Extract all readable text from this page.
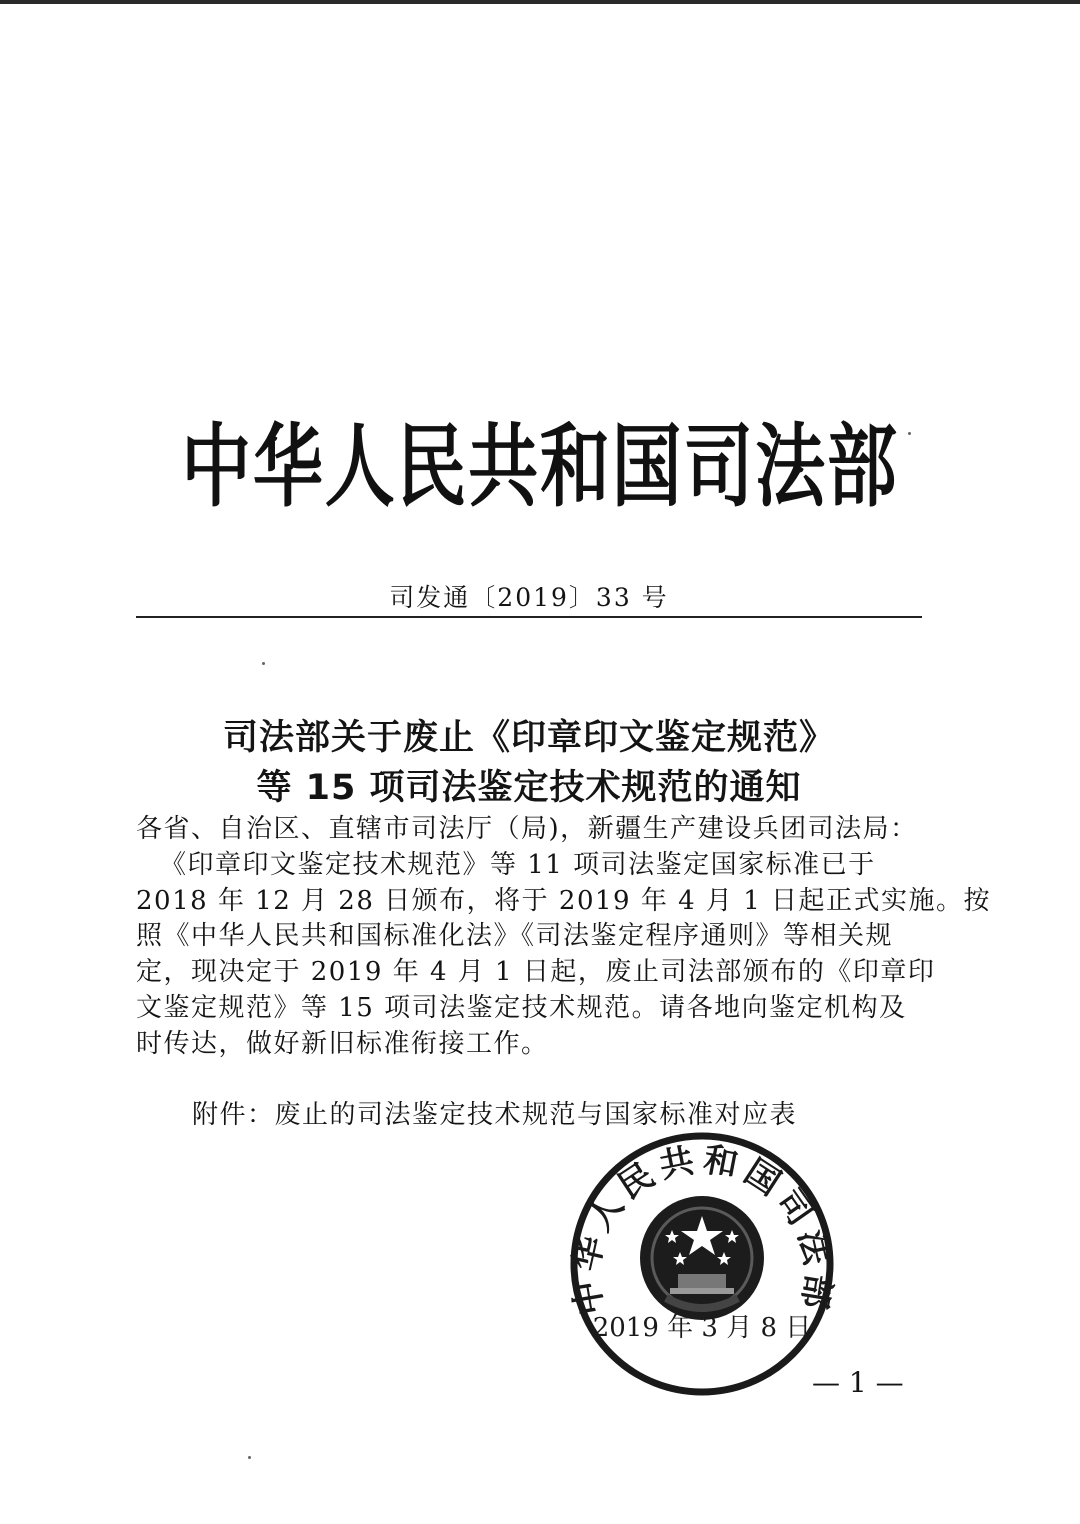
中华人民共和国司法部
司发通〔2019〕33 号
司法部关于废止《印章印文鉴定规范》
等 15 项司法鉴定技术规范的通知
各省、自治区、直辖市司法厅（局)，新疆生产建设兵团司法局：
《印章印文鉴定技术规范》等 11 项司法鉴定国家标准已于
2018 年 12 月 28 日颁布，将于 2019 年 4 月 1 日起正式实施。按
照《中华人民共和国标准化法》《司法鉴定程序通则》等相关规
定，现决定于 2019 年 4 月 1 日起，废止司法部颁布的《印章印
文鉴定规范》等 15 项司法鉴定技术规范。请各地向鉴定机构及
时传达，做好新旧标准衔接工作。
附件：废止的司法鉴定技术规范与国家标准对应表
中华人民共和国司法部
2019 年 3 月 8 日
— 1 —
